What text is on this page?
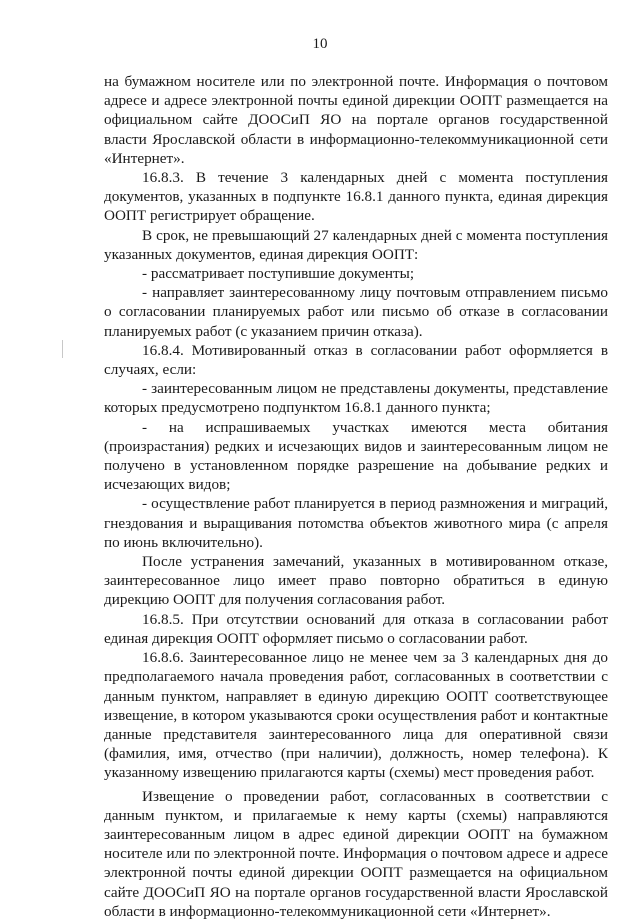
10

на бумажном носителе или по электронной почте. Информация о почтовом адресе и адресе электронной почты единой дирекции ООПТ размещается на официальном сайте ДООСиП ЯО на портале органов государственной власти Ярославской области в информационно-телекоммуникационной сети «Интернет».

16.8.3. В течение 3 календарных дней с момента поступления документов, указанных в подпункте 16.8.1 данного пункта, единая дирекция ООПТ регистрирует обращение.

В срок, не превышающий 27 календарных дней с момента поступления указанных документов, единая дирекция ООПТ:

- рассматривает поступившие документы;

- направляет заинтересованному лицу почтовым отправлением письмо о согласовании планируемых работ или письмо об отказе в согласовании планируемых работ (с указанием причин отказа).

16.8.4. Мотивированный отказ в согласовании работ оформляется в случаях, если:

- заинтересованным лицом не представлены документы, представление которых предусмотрено подпунктом 16.8.1 данного пункта;

- на испрашиваемых участках имеются места обитания (произрастания) редких и исчезающих видов и заинтересованным лицом не получено в установленном порядке разрешение на добывание редких и исчезающих видов;

- осуществление работ планируется в период размножения и миграций, гнездования и выращивания потомства объектов животного мира (с апреля по июнь включительно).

После устранения замечаний, указанных в мотивированном отказе, заинтересованное лицо имеет право повторно обратиться в единую дирекцию ООПТ для получения согласования работ.

16.8.5. При отсутствии оснований для отказа в согласовании работ единая дирекция ООПТ оформляет письмо о согласовании работ.

16.8.6. Заинтересованное лицо не менее чем за 3 календарных дня до предполагаемого начала проведения работ, согласованных в соответствии с данным пунктом, направляет в единую дирекцию ООПТ соответствующее извещение, в котором указываются сроки осуществления работ и контактные данные представителя заинтересованного лица для оперативной связи (фамилия, имя, отчество (при наличии), должность, номер телефона). К указанному извещению прилагаются карты (схемы) мест проведения работ.

Извещение о проведении работ, согласованных в соответствии с данным пунктом, и прилагаемые к нему карты (схемы) направляются заинтересованным лицом в адрес единой дирекции ООПТ на бумажном носителе или по электронной почте. Информация о почтовом адресе и адресе электронной почты единой дирекции ООПТ размещается на официальном сайте ДООСиП ЯО на портале органов государственной власти Ярославской области в информационно-телекоммуникационной сети «Интернет».
